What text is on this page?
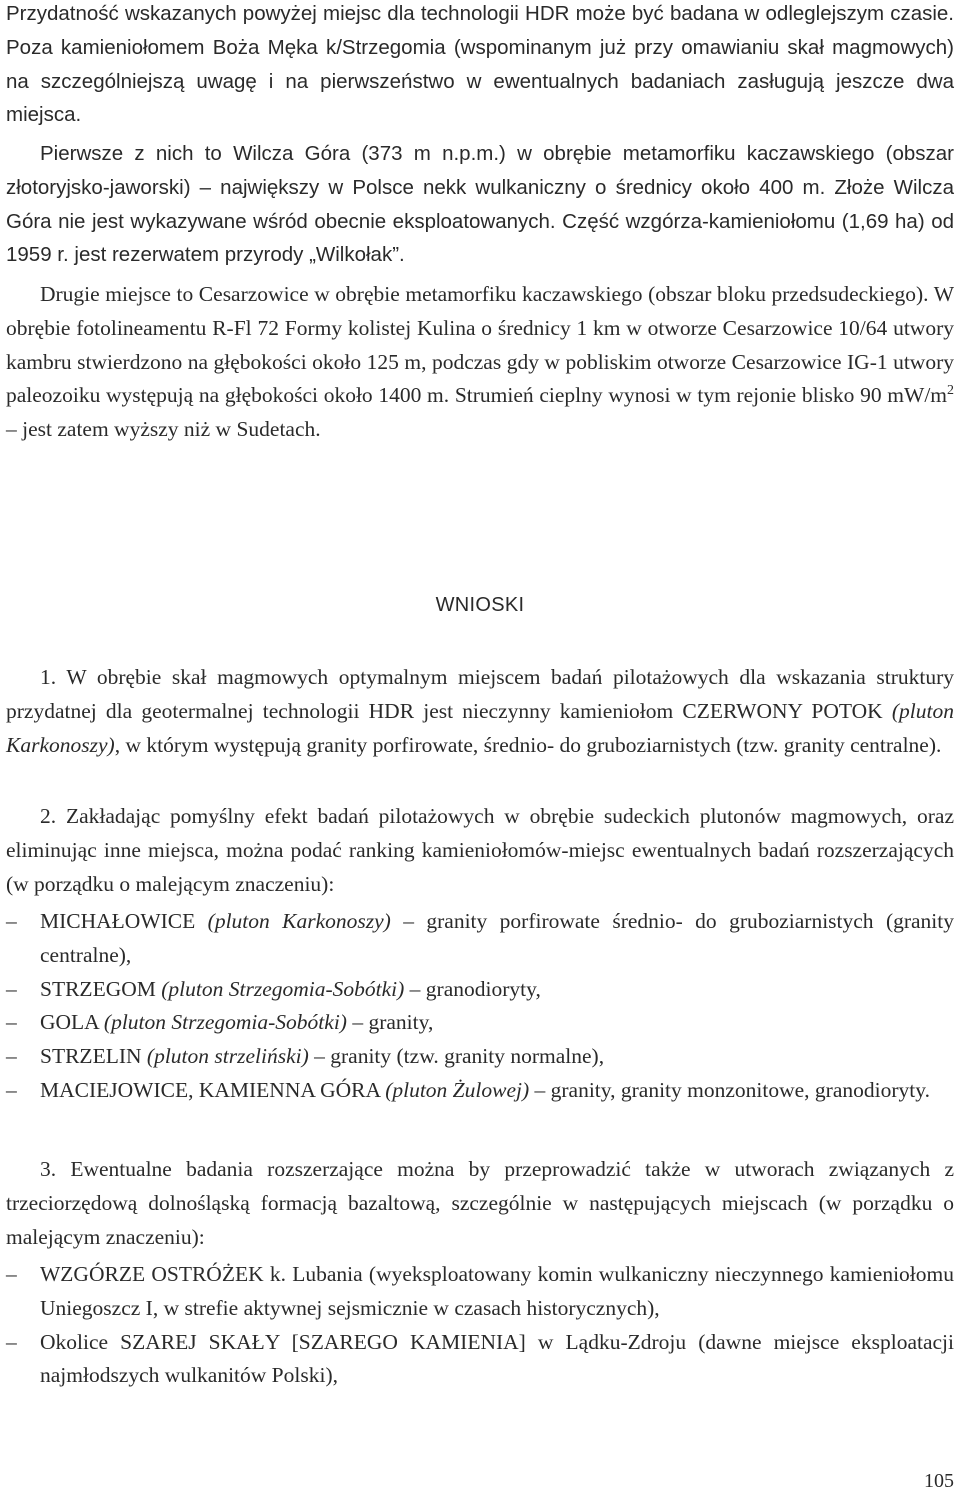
Przydatność wskazanych powyżej miejsc dla technologii HDR może być badana w odleglejszym czasie. Poza kamieniołomem Boża Męka k/Strzegomia (wspominanym już przy omawianiu skał magmowych) na szczególniejszą uwagę i na pierwszeństwo w ewentualnych badaniach zasługują jeszcze dwa miejsca.

Pierwsze z nich to Wilcza Góra (373 m n.p.m.) w obrębie metamorfiku kaczawskiego (obszar złotoryjsko-jaworski) – największy w Polsce nekk wulkaniczny o średnicy około 400 m. Złoże Wilcza Góra nie jest wykazywane wśród obecnie eksploatowanych. Część wzgórza-kamieniołomu (1,69 ha) od 1959 r. jest rezerwatem przyrody „Wilkołak”.

Drugie miejsce to Cesarzowice w obrębie metamorfiku kaczawskiego (obszar bloku przedsudeckiego). W obrębie fotolineamentu R-Fl 72 Formy kolistej Kulina o średnicy 1 km w otworze Cesarzowice 10/64 utwory kambru stwierdzono na głębokości około 125 m, podczas gdy w pobliskim otworze Cesarzowice IG-1 utwory paleozoiku występują na głębokości około 1400 m. Strumień cieplny wynosi w tym rejonie blisko 90 $mW/m^2$ – jest zatem wyższy niż w Sudetach.

WNIOSKI

1. W obrębie skał magmowych optymalnym miejscem badań pilotażowych dla wskazania struktury przydatnej dla geotermalnej technologii HDR jest nieczynny kamieniołom CZERWONY POTOK (pluton Karkonoszy), w którym występują granity porfirowate, średnio- do gruboziarnistych (tzw. granity centralne).

2. Zakładając pomyślny efekt badań pilotażowych w obrębie sudeckich plutonów magmowych, oraz eliminując inne miejsca, można podać ranking kamieniołomów-miejsc ewentualnych badań rozszerzających (w porządku o malejącym znaczeniu):

–	MICHAŁOWICE (pluton Karkonoszy) – granity porfirowate średnio- do gruboziarnistych (granity centralne),
–	STRZEGOM (pluton Strzegomia-Sobótki) – granodioryty,
–	GOLA (pluton Strzegomia-Sobótki) – granity,
–	STRZELIN (pluton strzeliński) – granity (tzw. granity normalne),
–	MACIEJOWICE, KAMIENNA GÓRA (pluton Żulowej) – granity, granity monzonitowe, granodioryty.

3. Ewentualne badania rozszerzające można by przeprowadzić także w utworach związanych z trzeciorzędową dolnośląską formacją bazaltową, szczególnie w następujących miejscach (w porządku o malejącym znaczeniu):

–	WZGÓRZE OSTRÓŻEK k. Lubania (wyeksploatowany komin wulkaniczny nieczynnego kamieniołomu Uniegoszcz I, w strefie aktywnej sejsmicznie w czasach historycznych),
–	Okolice SZAREJ SKAŁY [SZAREGO KAMIENIA] w Lądku-Zdroju (dawne miejsce eksploatacji najmłodszych wulkanitów Polski),
105
